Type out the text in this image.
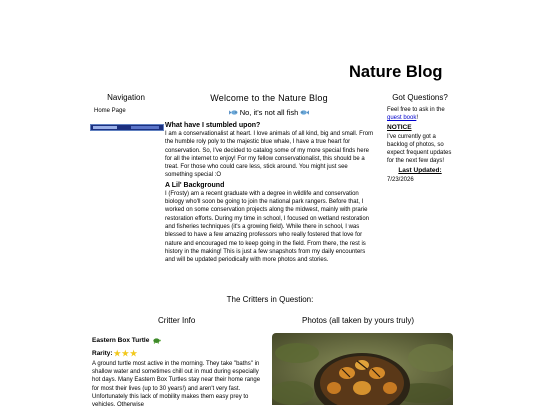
Nature Blog

Navigation

Home Page

Welcome to the Nature Blog

No, it's not all fish

What have I stumbled upon?

I am a conservationalist at heart. I love animals of all kind, big and small. From the humble roly poly to the majestic blue whale, I have a true heart for conservation. So, I've decided to catalog some of my more special finds here for all the internet to enjoy! For my fellow conservationalist, this should be a treat. For those who could care less, stick around. You might just see something special :O

A Lil' Background

I (Frosty) am a recent graduate with a degree in wildlife and conservation biology who'll soon be going to join the national park rangers. Before that, I worked on some conservation projects along the midwest, mainly with prarie restoration efforts. During my time in school, I focused on wetland restoration and fisheries techniques (it's a growing field). While there in school, I was blessed to have a few amazing professors who really fostered that love for nature and encouraged me to keep going in the field. From there, the rest is history in the making! This is just a few snapshots from my daily encounters and will be updated periodically with more photos and stories.

Got Questions?

Feel free to ask in the guest book!

NOTICE

I've currently got a backlog of photos, so expect frequent updates for the next few days!

Last Updated:

7/23/2026

The Critters in Question:

Critter Info	Photos (all taken by yours truly)

Eastern Box Turtle
Rarity: ★ ★ ★

A ground turtle most active in the morning. They take "baths" in shallow water and sometimes chill out in mud during especially hot days. Many Eastern Box Turtles stay near their home range for most their lives (up to 30 years!) and aren't very fast. Unfortunately this lack of mobility makes them easy prey to vehicles. Otherwise
